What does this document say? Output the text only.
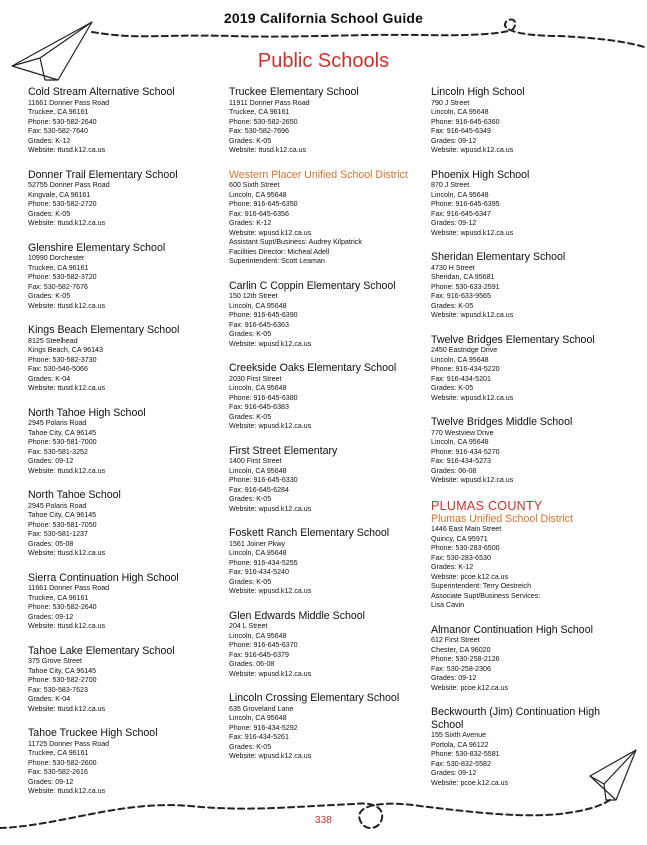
2019 California School Guide
Public Schools
Cold Stream Alternative School
11661 Donner Pass Road
Truckee, CA 96161
Phone: 530-582-2640
Fax: 530-582-7640
Grades: K-12
Website: ttusd.k12.ca.us
Donner Trail Elementary School
52755 Donner Pass Road
Kingvale, CA 96161
Phone: 530-582-2720
Grades: K-05
Website: ttusd.k12.ca.us
Glenshire Elementary School
10990 Dorchester
Truckee, CA 96161
Phone: 530-582-3720
Fax: 530-582-7676
Grades: K-05
Website: ttusd.k12.ca.us
Kings Beach Elementary School
8125 Steelhead
Kings Beach, CA 96143
Phone: 530-582-3730
Fax: 530-546-5066
Grades: K-04
Website: ttusd.k12.ca.us
North Tahoe High School
2945 Polaris Road
Tahoe City, CA 96145
Phone: 530-581-7000
Fax: 530-581-3252
Grades: 09-12
Website: ttusd.k12.ca.us
North Tahoe School
2945 Polaris Road
Tahoe City, CA 96145
Phone: 530-581-7050
Fax: 530-581-1237
Grades: 05-08
Website: ttusd.k12.ca.us
Sierra Continuation High School
11661 Donner Pass Road
Truckee, CA 96161
Phone: 530-582-2640
Grades: 09-12
Website: ttusd.k12.ca.us
Tahoe Lake Elementary School
375 Grove Street
Tahoe City, CA 96145
Phone: 530-582-2700
Fax: 530-583-7623
Grades: K-04
Website: ttusd.k12.ca.us
Tahoe Truckee High School
11725 Donner Pass Road
Truckee, CA 96161
Phone: 530-582-2600
Fax: 530-582-2616
Grades: 09-12
Website: ttusd.k12.ca.us
Truckee Elementary School
11911 Donner Pass Road
Truckee, CA 96161
Phone: 530-582-2650
Fax: 530-582-7696
Grades: K-05
Website: ttusd.k12.ca.us
Western Placer Unified School District
600 Sixth Street
Lincoln, CA 95648
Phone: 916-645-6350
Fax: 916-645-6356
Grades: K-12
Website: wpusd.k12.ca.us
Assistant Supt/Business: Audrey Kilpatrick
Facilities Director: Micheal Adell
Superintendent: Scott Leaman
Carlin C Coppin Elementary School
150 12th Street
Lincoln, CA 95648
Phone: 916-645-6390
Fax: 916-645-6363
Grades: K-05
Website: wpusd.k12.ca.us
Creekside Oaks Elementary School
2030 First Street
Lincoln, CA 95648
Phone: 916-645-6380
Fax: 916-645-6383
Grades: K-05
Website: wpusd.k12.ca.us
First Street Elementary
1400 First Street
Lincoln, CA 95648
Phone: 916-645-6330
Fax: 916-645-6284
Grades: K-05
Website: wpusd.k12.ca.us
Foskett Ranch Elementary School
1561 Joiner Pkwy
Lincoln, CA 95648
Phone: 916-434-5255
Fax: 916-434-5240
Grades: K-05
Website: wpusd.k12.ca.us
Glen Edwards Middle School
204 L Street
Lincoln, CA 95648
Phone: 916-645-6370
Fax: 916-645-6379
Grades: 06-08
Website: wpusd.k12.ca.us
Lincoln Crossing Elementary School
635 Groveland Lane
Lincoln, CA 95648
Phone: 916-434-5292
Fax: 916-434-5261
Grades: K-05
Website: wpusd.k12.ca.us
Lincoln High School
790 J Street
Lincoln, CA 95648
Phone: 916-645-6360
Fax: 916-645-6349
Grades: 09-12
Website: wpusd.k12.ca.us
Phoenix High School
870 J Street
Lincoln, CA 95648
Phone: 916-645-6395
Fax: 916-645-6347
Grades: 09-12
Website: wpusd.k12.ca.us
Sheridan Elementary School
4730 H Street
Sheridan, CA 95681
Phone: 530-633-2591
Fax: 916-633-9565
Grades: K-05
Website: wpusd.k12.ca.us
Twelve Bridges Elementary School
2450 Eastridge Drive
Lincoln, CA 95648
Phone: 916-434-5220
Fax: 916-434-5201
Grades: K-05
Website: wpusd.k12.ca.us
Twelve Bridges Middle School
770 Westview Drive
Lincoln, CA 95648
Phone: 916-434-5270
Fax: 916-434-5273
Grades: 06-08
Website: wpusd.k12.ca.us
PLUMAS COUNTY
Plumas Unified School District
1446 East Main Street
Quincy, CA 95971
Phone: 530-283-6500
Fax: 530-283-6530
Grades: K-12
Website: pcoe.k12.ca.us
Superintendent: Terry Oestreich
Associate Supt/Business Services:
Lisa Cavin
Almanor Continuation High School
612 First Street
Chester, CA 96020
Phone: 530-258-2126
Fax: 530-258-2306
Grades: 09-12
Website: pcoe.k12.ca.us
Beckwourth (Jim) Continuation High School
155 Sixth Avenue
Portola, CA 96122
Phone: 530-832-5581
Fax: 530-832-5582
Grades: 09-12
Website: pcoe.k12.ca.us
338
